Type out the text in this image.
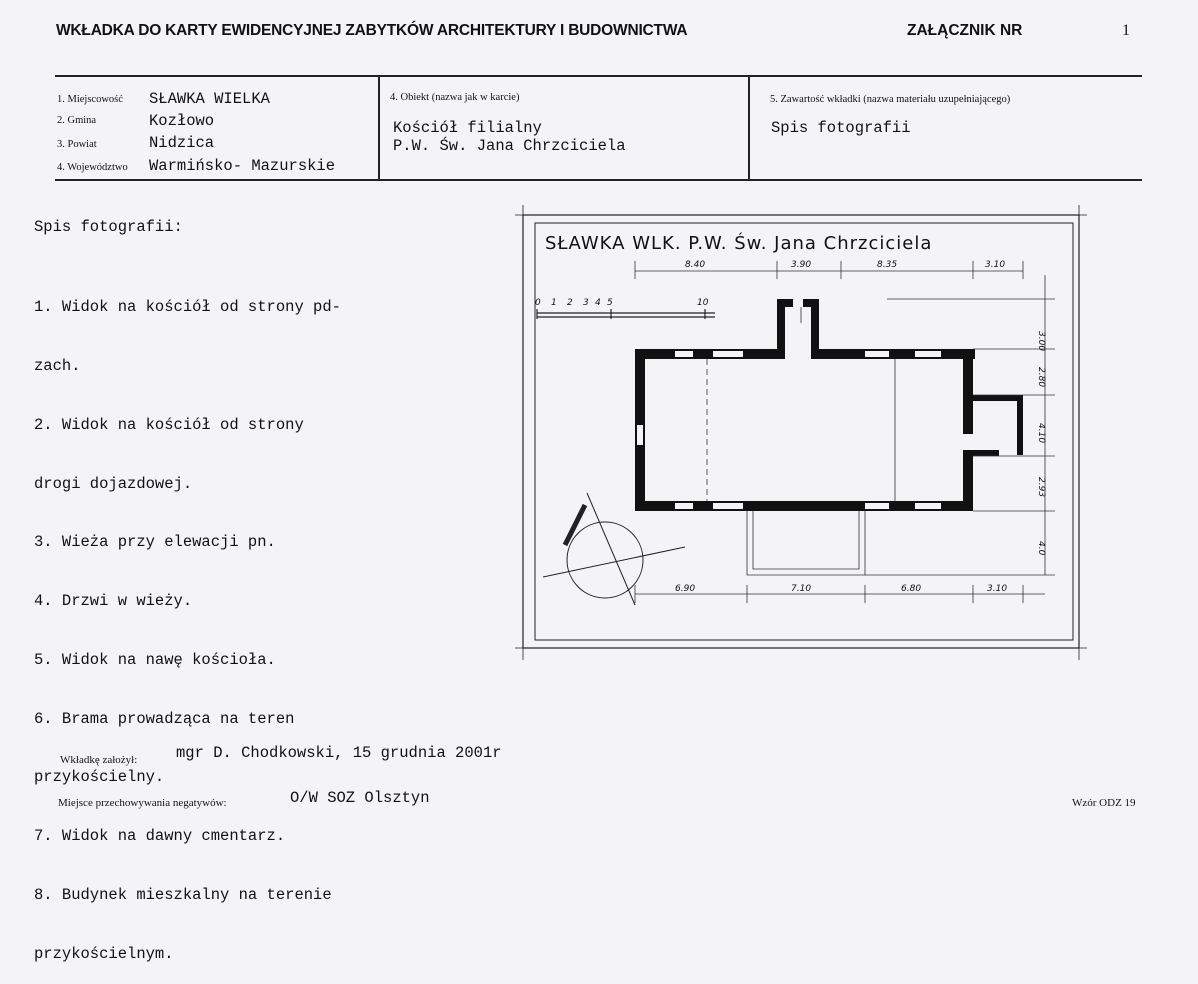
WKŁADKA DO KARTY EWIDENCYJNEJ ZABYTKÓW ARCHITEKTURY I BUDOWNICTWA	ZAŁĄCZNIK NR	1
1. Miejscowość SŁAWKA WIELKA
2. Gmina	Kozłowo
3. Powiat	Nidzica
4. Województwo Warmińsko- Mazurskie
4. Obiekt (nazwa jak w karcie)
Kościół filialny
P.W. Św. Jana Chrzciciela
5. Zawartość wkładki (nazwa materiału uzupełniającego)
Spis fotografii
Spis fotografii:

1. Widok na kościół od strony pd-

zach.

2. Widok na kościół od strony

drogi dojazdowej.

3. Wieża przy elewacji pn.

4. Drzwi w wieży.

5. Widok na nawę kościoła.

6. Brama prowadząca na teren

przykościelny.

7. Widok na dawny cmentarz.

8. Budynek mieszkalny na terenie

przykościelnym.

SŁAWKA WLK. P.W. Św. Jana Chrzciciela
0 1 2 3 4 5	10
8.40	3.90	8.35	3.10
6.90	7.10	6.80	3.10
3.00
2.80
4.10
2.93
4.0
Wkładkę założył: mgr D. Chodkowski, 15 grudnia 2001r
Miejsce przechowywania negatywów:	O/W SOZ Olsztyn	Wzór ODZ 19
